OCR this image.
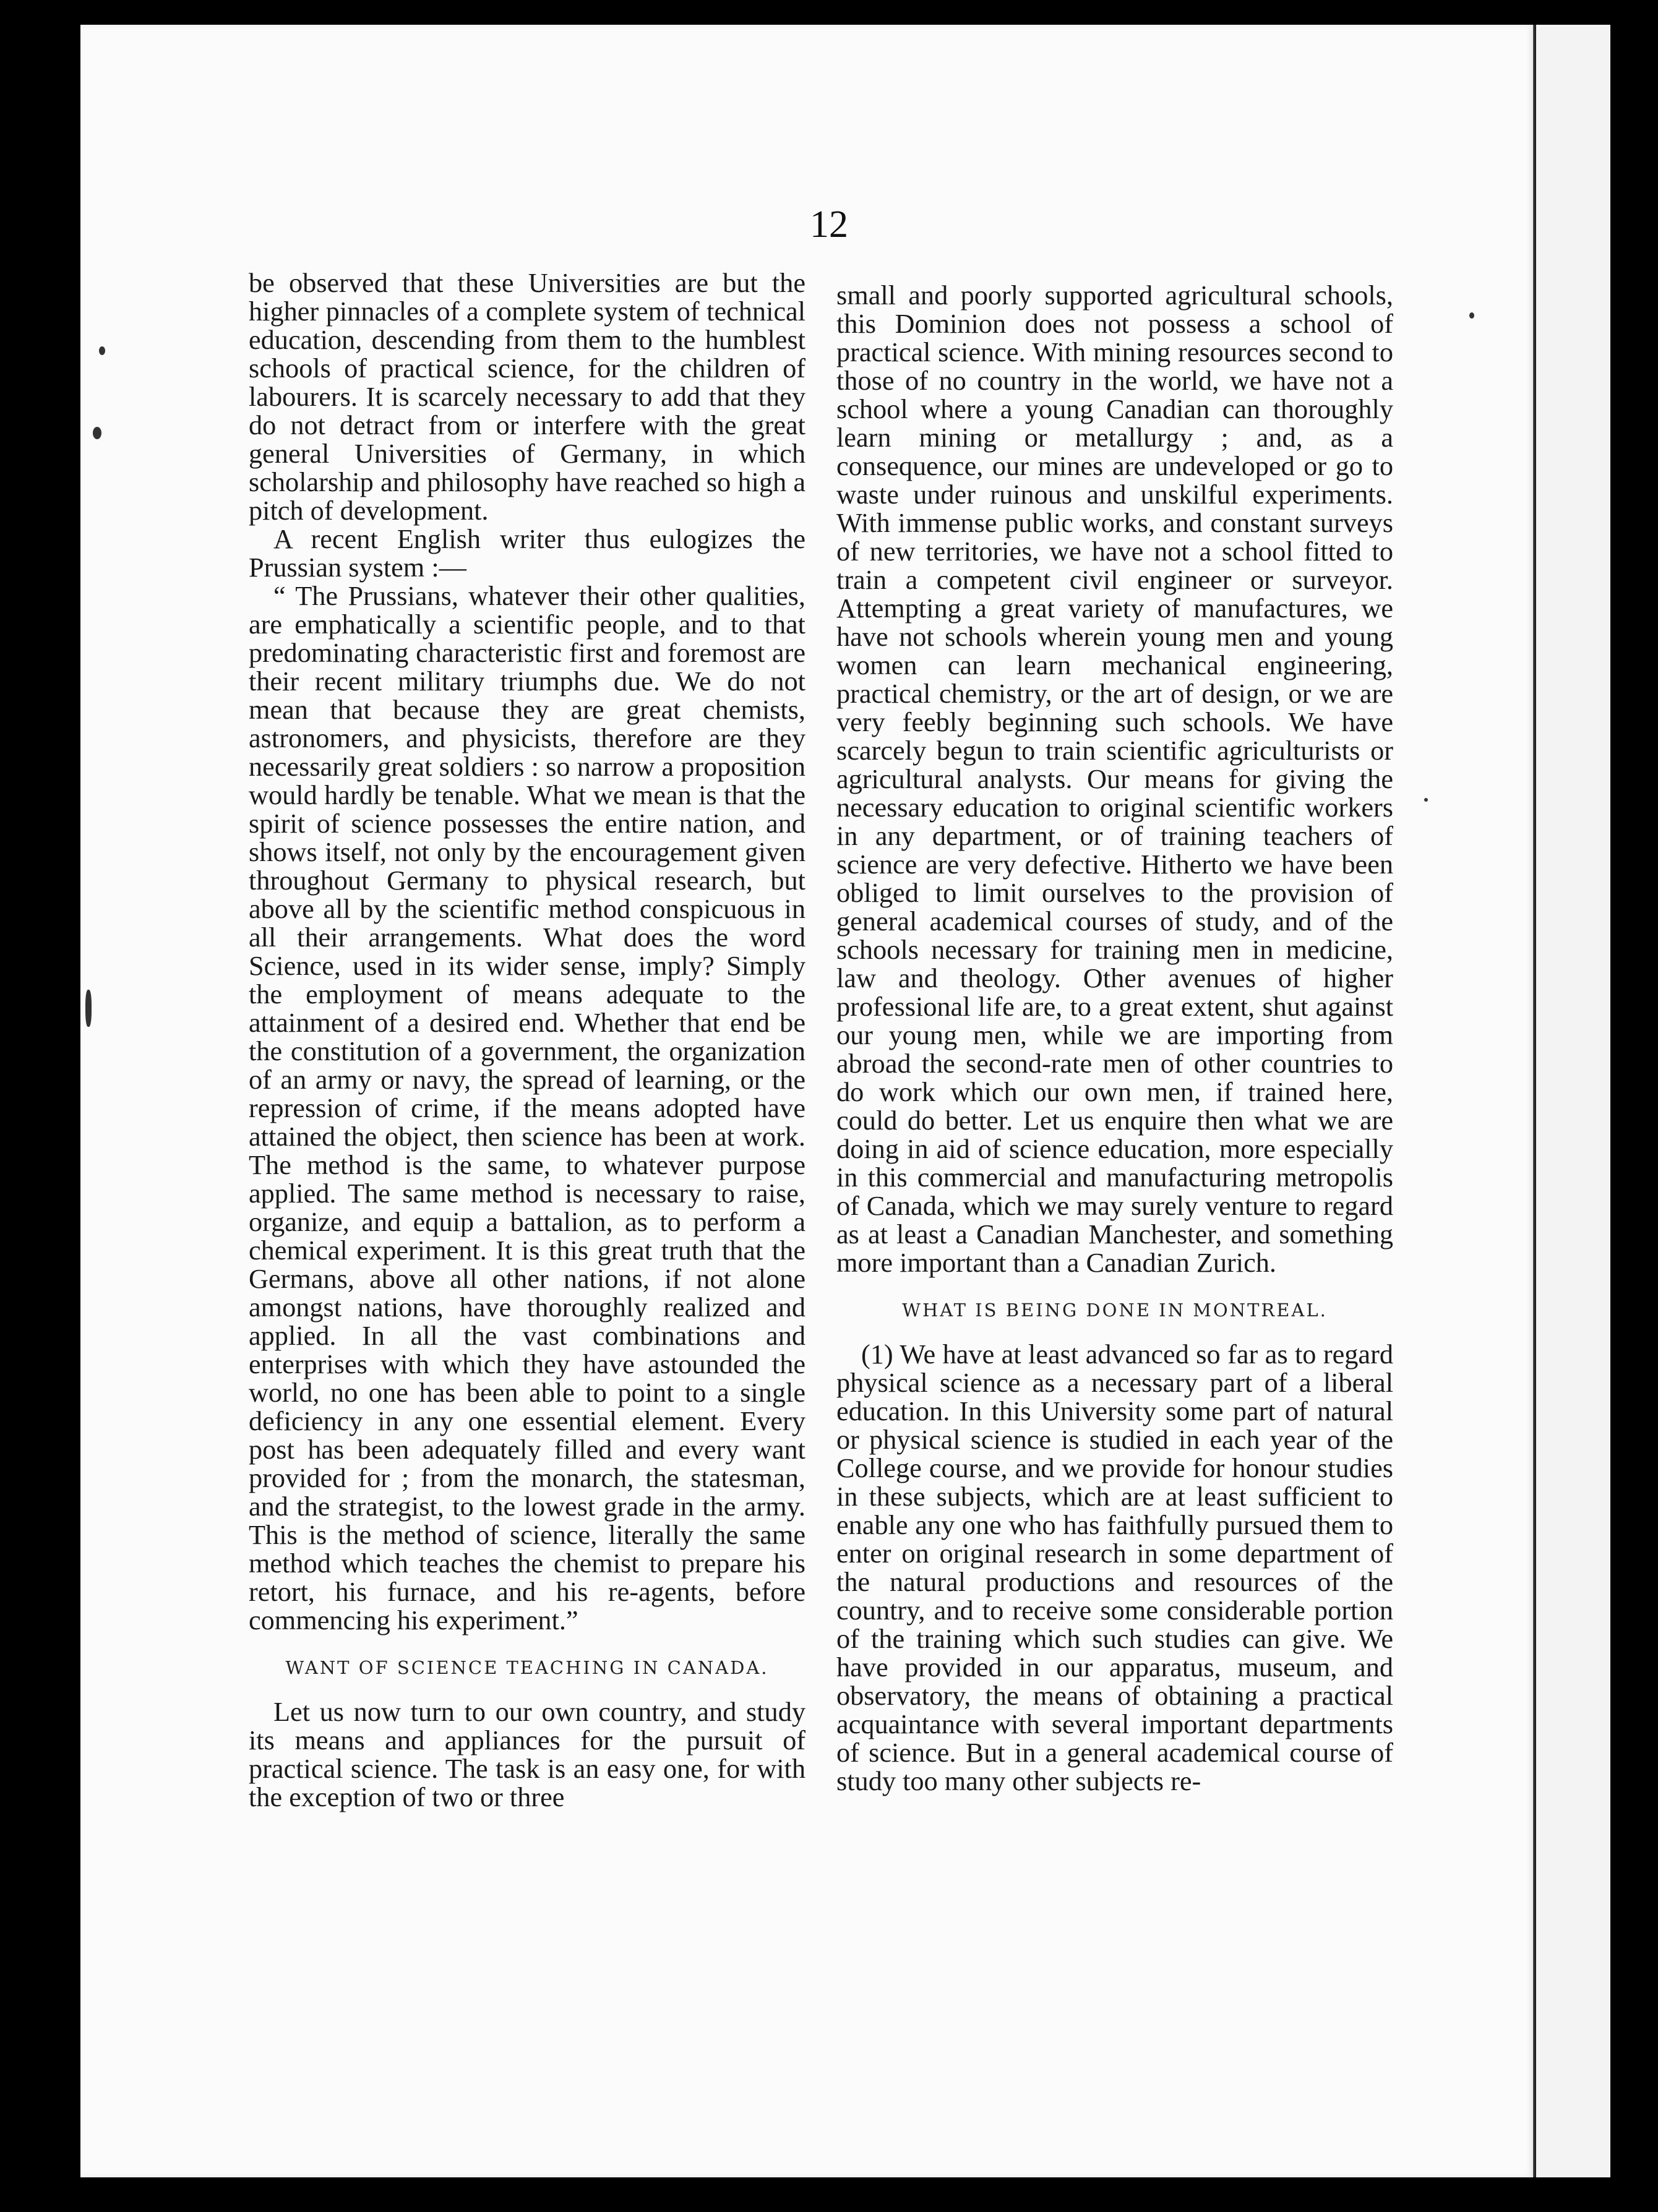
12

be observed that these Universities are but the higher pinnacles of a complete system of technical education, descending from them to the humblest schools of practical science, for the children of labourers. It is scarcely necessary to add that they do not detract from or interfere with the great general Universities of Germany, in which scholarship and philosophy have reached so high a pitch of development.

A recent English writer thus eulogizes the Prussian system :—

“ The Prussians, whatever their other qualities, are emphatically a scientific people, and to that predominating characteristic first and foremost are their recent military triumphs due. We do not mean that because they are great chemists, astronomers, and physicists, therefore are they necessarily great soldiers : so narrow a proposition would hardly be tenable. What we mean is that the spirit of science possesses the entire nation, and shows itself, not only by the encouragement given throughout Germany to physical research, but above all by the scientific method conspicuous in all their arrangements. What does the word Science, used in its wider sense, imply? Simply the employment of means adequate to the attainment of a desired end. Whether that end be the constitution of a government, the organization of an army or navy, the spread of learning, or the repression of crime, if the means adopted have attained the object, then science has been at work. The method is the same, to whatever purpose applied. The same method is necessary to raise, organize, and equip a battalion, as to perform a chemical experiment. It is this great truth that the Germans, above all other nations, if not alone amongst nations, have thoroughly realized and applied. In all the vast combinations and enterprises with which they have astounded the world, no one has been able to point to a single deficiency in any one essential element. Every post has been adequately filled and every want provided for ; from the monarch, the statesman, and the strategist, to the lowest grade in the army. This is the method of science, literally the same method which teaches the chemist to prepare his retort, his furnace, and his re-agents, before commencing his experiment.”

WANT OF SCIENCE TEACHING IN CANADA.

Let us now turn to our own country, and study its means and appliances for the pursuit of practical science. The task is an easy one, for with the exception of two or three

small and poorly supported agricultural schools, this Dominion does not possess a school of practical science. With mining resources second to those of no country in the world, we have not a school where a young Canadian can thoroughly learn mining or metallurgy ; and, as a consequence, our mines are undeveloped or go to waste under ruinous and unskilful experiments. With immense public works, and constant surveys of new territories, we have not a school fitted to train a competent civil engineer or surveyor. Attempting a great variety of manufactures, we have not schools wherein young men and young women can learn mechanical engineering, practical chemistry, or the art of design, or we are very feebly beginning such schools. We have scarcely begun to train scientific agriculturists or agricultural analysts. Our means for giving the necessary education to original scientific workers in any department, or of training teachers of science are very defective. Hitherto we have been obliged to limit ourselves to the provision of general academical courses of study, and of the schools necessary for training men in medicine, law and theology. Other avenues of higher professional life are, to a great extent, shut against our young men, while we are importing from abroad the second-rate men of other countries to do work which our own men, if trained here, could do better. Let us enquire then what we are doing in aid of science education, more especially in this commercial and manufacturing metropolis of Canada, which we may surely venture to regard as at least a Canadian Manchester, and something more important than a Canadian Zurich.

WHAT IS BEING DONE IN MONTREAL.

(1) We have at least advanced so far as to regard physical science as a necessary part of a liberal education. In this University some part of natural or physical science is studied in each year of the College course, and we provide for honour studies in these subjects, which are at least sufficient to enable any one who has faithfully pursued them to enter on original research in some department of the natural productions and resources of the country, and to receive some considerable portion of the training which such studies can give. We have provided in our apparatus, museum, and observatory, the means of obtaining a practical acquaintance with several important departments of science. But in a general academical course of study too many other subjects re-
